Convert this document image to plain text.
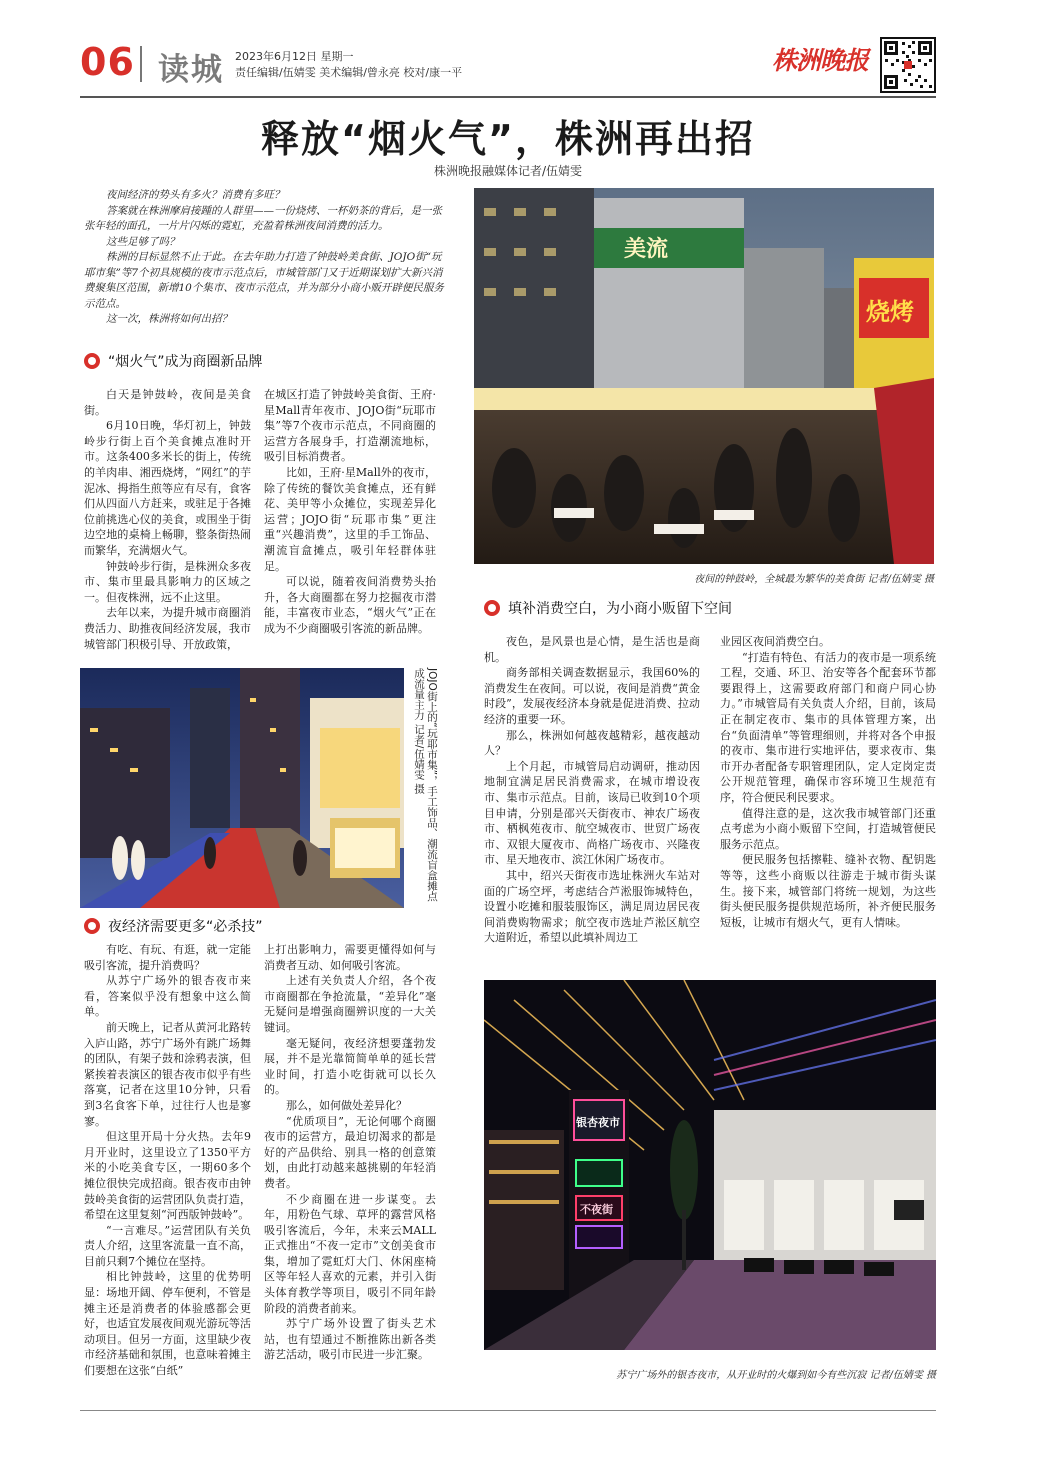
06 读城 2023年6月12日 星期一
责任编辑/伍婧雯 美术编辑/曾永亮 校对/康一平	株洲晚报
释放“烟火气”，株洲再出招
株洲晚报融媒体记者/伍婧雯

夜间经济的势头有多火？消费有多旺？

答案就在株洲摩肩接踵的人群里——一份烧烤、一杯奶茶的背后，是一张张年轻的面孔，一片片闪烁的霓虹，充盈着株洲夜间消费的活力。

这些足够了吗？

株洲的目标显然不止于此。在去年助力打造了钟鼓岭美食街、JOJO街“玩耶市集”等7个初具规模的夜市示范点后，市城管部门又于近期谋划扩大新兴消费聚集区范围，新增10个集市、夜市示范点，并为部分小商小贩开辟便民服务示范点。

这一次，株洲将如何出招？

美流
烧烤
夜间的钟鼓岭，全城最为繁华的美食街 记者/伍婧雯 摄
“烟火气”成为商圈新品牌

白天是钟鼓岭，夜间是美食街。

6月10日晚，华灯初上，钟鼓岭步行街上百个美食摊点准时开市。这条400多米长的街上，传统的羊肉串、湘西烧烤，“网红”的芋泥冰、拇指生煎等应有尽有，食客们从四面八方赶来，或驻足于各摊位前挑选心仪的美食，或围坐于街边空地的桌椅上畅聊，整条街热闹而繁华，充满烟火气。

钟鼓岭步行街，是株洲众多夜市、集市里最具影响力的区域之一。但夜株洲，远不止这里。

去年以来，为提升城市商圈消费活力、助推夜间经济发展，我市城管部门积极引导、开放政策，

在城区打造了钟鼓岭美食街、王府·星Mall青年夜市、JOJO街“玩耶市集”等7个夜市示范点，不同商圈的运营方各展身手，打造潮流地标，吸引目标消费者。

比如，王府·星Mall外的夜市，除了传统的餐饮美食摊点，还有鲜花、美甲等小众摊位，实现差异化运营；JOJO街“玩耶市集”更注重“兴趣消费”，这里的手工饰品、潮流盲盒摊点，吸引年轻群体驻足。

可以说，随着夜间消费势头抬升，各大商圈都在努力挖掘夜市潜能，丰富夜市业态，“烟火气”正在成为不少商圈吸引客流的新品牌。

JOJO街上的“玩耶市集”，手工饰品、潮流盲盒摊点成流量主力 记者/伍婧雯 摄
夜经济需要更多“必杀技”

有吃、有玩、有逛，就一定能吸引客流，提升消费吗？

从苏宁广场外的银杏夜市来看，答案似乎没有想象中这么简单。

前天晚上，记者从黄河北路转入庐山路，苏宁广场外有跳广场舞的团队，有架子鼓和涂鸦表演，但紧挨着表演区的银杏夜市似乎有些落寞，记者在这里10分钟，只看到3名食客下单，过往行人也是寥寥。

但这里开局十分火热。去年9月开业时，这里设立了1350平方米的小吃美食专区，一期60多个摊位很快完成招商。银杏夜市由钟鼓岭美食街的运营团队负责打造，希望在这里复刻“河西版钟鼓岭”。

“一言难尽。”运营团队有关负责人介绍，这里客流量一直不高，目前只剩7个摊位在坚持。

相比钟鼓岭，这里的优势明显：场地开阔、停车便利，不管是摊主还是消费者的体验感都会更好，也适宜发展夜间观光游玩等活动项目。但另一方面，这里缺少夜市经济基础和氛围，也意味着摊主们要想在这张“白纸”

上打出影响力，需要更懂得如何与消费者互动、如何吸引客流。

上述有关负责人介绍，各个夜市商圈都在争抢流量，“差异化”毫无疑问是增强商圈辨识度的一大关键词。

毫无疑问，夜经济想要蓬勃发展，并不是光靠简简单单的延长营业时间，打造小吃街就可以长久的。

那么，如何做处差异化？

“优质项目”，无论何哪个商圈夜市的运营方，最迫切渴求的都是好的产品供给、别具一格的创意策划，由此打动越来越挑剔的年轻消费者。

不少商圈在进一步谋变。去年，用粉色气球、草坪的露营风格吸引客流后，今年，未来云MALL正式推出“不夜一定市”文创美食市集，增加了霓虹灯大门、休闲座椅区等年轻人喜欢的元素，并引入街头体育教学等项目，吸引不同年龄阶段的消费者前来。

苏宁广场外设置了街头艺术站，也有望通过不断推陈出新各类游艺活动，吸引市民进一步汇聚。

填补消费空白，为小商小贩留下空间

夜色，是风景也是心情，是生活也是商机。

商务部相关调查数据显示，我国60%的消费发生在夜间。可以说，夜间是消费“黄金时段”，发展夜经济本身就是促进消费、拉动经济的重要一环。

那么，株洲如何越夜越精彩，越夜越动人？

上个月起，市城管局启动调研，推动因地制宜满足居民消费需求，在城市增设夜市、集市示范点。目前，该局已收到10个项目申请，分别是邵兴天街夜市、神农广场夜市、栖枫苑夜市、航空城夜市、世贸广场夜市、双银大厦夜市、尚格广场夜市、兴隆夜市、星天地夜市、滨江休闲广场夜市。

其中，绍兴天街夜市选址株洲火车站对面的广场空坪，考虑结合芦淞服饰城特色，设置小吃摊和服装服饰区，满足周边居民夜间消费购物需求；航空夜市选址芦淞区航空大道附近，希望以此填补周边工

业园区夜间消费空白。

“打造有特色、有活力的夜市是一项系统工程，交通、环卫、治安等各个配套环节都要跟得上，这需要政府部门和商户同心协力。”市城管局有关负责人介绍，目前，该局正在制定夜市、集市的具体管理方案，出台“负面清单”等管理细则，并将对各个申报的夜市、集市进行实地评估，要求夜市、集市开办者配备专职管理团队，定人定岗定责公开规范管理，确保市容环境卫生规范有序，符合便民利民要求。

值得注意的是，这次我市城管部门还重点考虑为小商小贩留下空间，打造城管便民服务示范点。

便民服务包括擦鞋、缝补衣物、配钥匙等等，这些小商贩以往游走于城市街头谋生。接下来，城管部门将统一规划，为这些街头便民服务提供规范场所，补齐便民服务短板，让城市有烟火气，更有人情味。

银杏夜市
不夜街
苏宁广场外的银杏夜市，从开业时的火爆到如今有些沉寂 记者/伍婧雯 摄
